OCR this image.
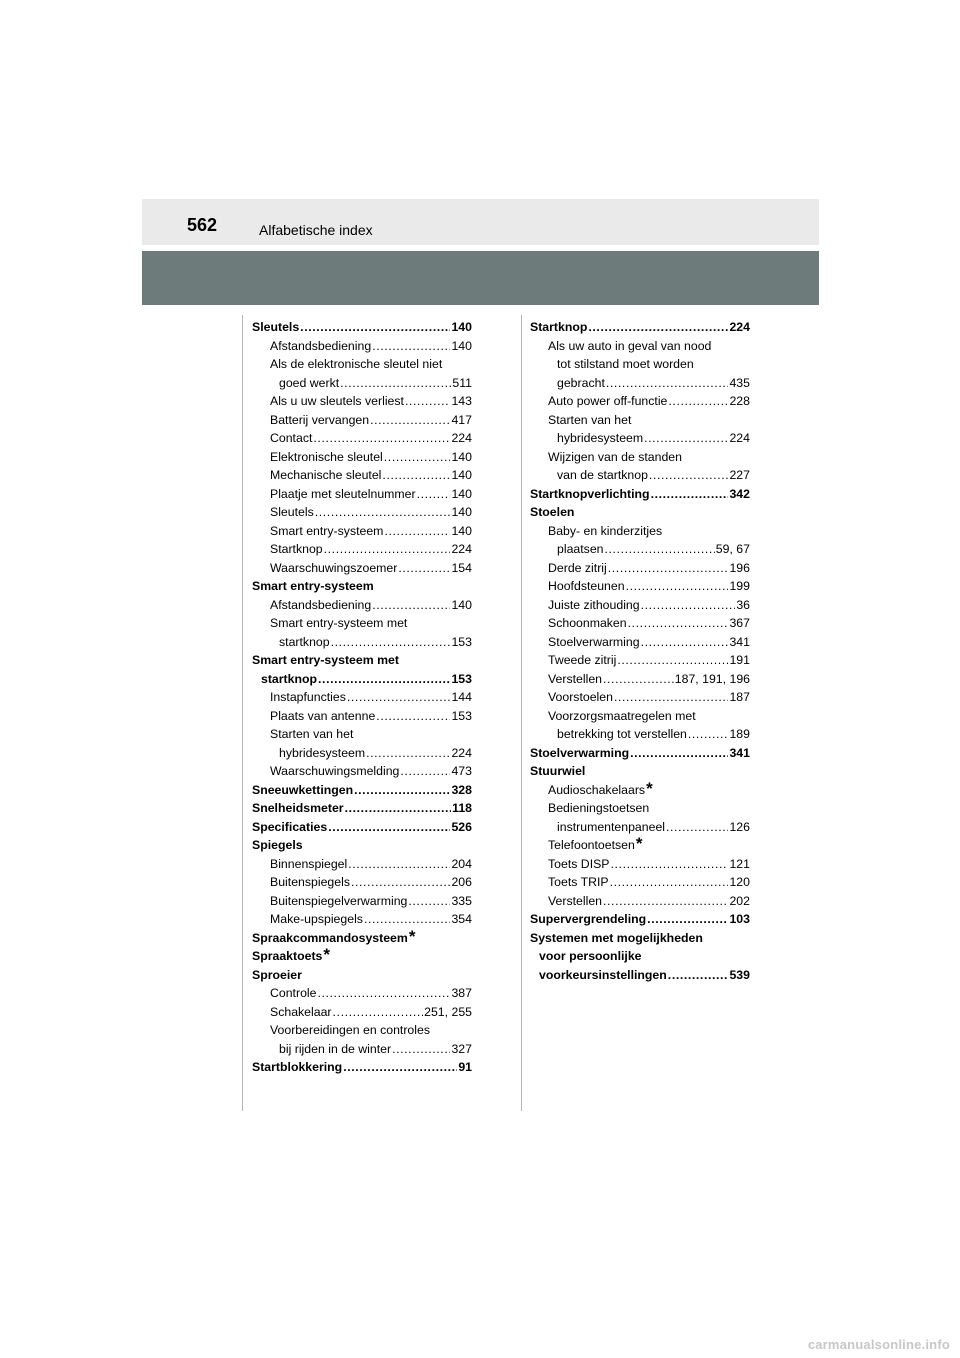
562	Alfabetische index
Sleutels .....	140
Afstandsbediening .....	140
Als de elektronische sleutel niet
goed werkt .....	511
Als u uw sleutels verliest .....	143
Batterij vervangen .....	417
Contact .....	224
Elektronische sleutel .....	140
Mechanische sleutel .....	140
Plaatje met sleutelnummer .....	140
Sleutels .....	140
Smart entry-systeem .....	140
Startknop .....	224
Waarschuwingszoemer .....	154
Smart entry-systeem
Afstandsbediening .....	140
Smart entry-systeem met
startknop .....	153
Smart entry-systeem met
startknop .....	153
Instapfuncties .....	144
Plaats van antenne .....	153
Starten van het
hybridesysteem .....	224
Waarschuwingsmelding .....	473
Sneeuwkettingen .....	328
Snelheidsmeter .....	118
Specificaties .....	526
Spiegels
Binnenspiegel .....	204
Buitenspiegels .....	206
Buitenspiegelverwarming .....	335
Make-upspiegels .....	354
Spraakcommandosysteem *
Spraaktoets *
Sproeier
Controle .....	387
Schakelaar .....	251, 255
Voorbereidingen en controles
bij rijden in de winter .....	327
Startblokkering .....	91
Startknop .....	224
Als uw auto in geval van nood
tot stilstand moet worden
gebracht .....	435
Auto power off-functie .....	228
Starten van het
hybridesysteem .....	224
Wijzigen van de standen
van de startknop .....	227
Startknopverlichting .....	342
Stoelen
Baby- en kinderzitjes
plaatsen .....	59, 67
Derde zitrij .....	196
Hoofdsteunen .....	199
Juiste zithouding .....	36
Schoonmaken .....	367
Stoelverwarming .....	341
Tweede zitrij .....	191
Verstellen .....	187, 191, 196
Voorstoelen .....	187
Voorzorgsmaatregelen met
betrekking tot verstellen .....	189
Stoelverwarming .....	341
Stuurwiel
Audioschakelaars *
Bedieningstoetsen
instrumentenpaneel .....	126
Telefoontoetsen *
Toets DISP .....	121
Toets TRIP .....	120
Verstellen .....	202
Supervergrendeling .....	103
Systemen met mogelijkheden
voor persoonlijke
voorkeursinstellingen .....	539
carmanualsonline.info
